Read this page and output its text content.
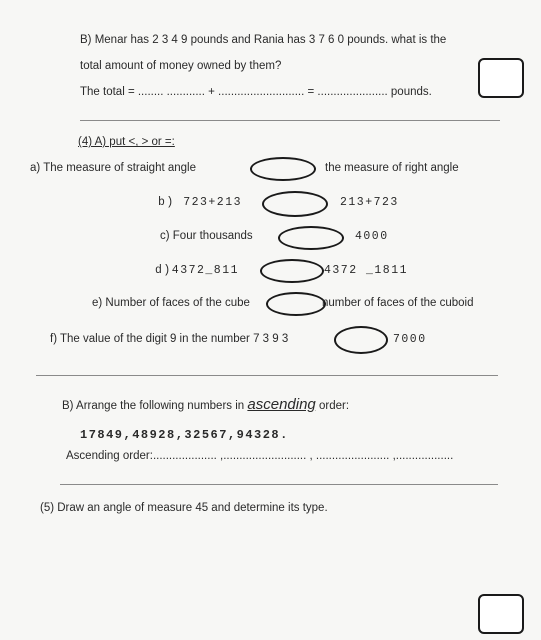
B) Menar has 2 3 4 9 pounds and Rania has 3 7 6 0 pounds. what is the
total amount of money owned by them?
The total = ........ ............ + ........................... = ...................... pounds.
(4) A) put <, > or =:
a) The measure of straight angle	the measure of right angle
b) 723+213	213+723
c) Four thousands	4000
d)4372_811	4372 _1811
e) Number of faces of the cube	number of faces of the cuboid
f) The value of the digit 9 in the number 7 3 9 3	7000
B) Arrange the following numbers in ascending order:
17849,48928,32567,94328.
Ascending order:.................... ,.......................... , ....................... ,..................
(5) Draw an angle of measure 45 and determine its type.
